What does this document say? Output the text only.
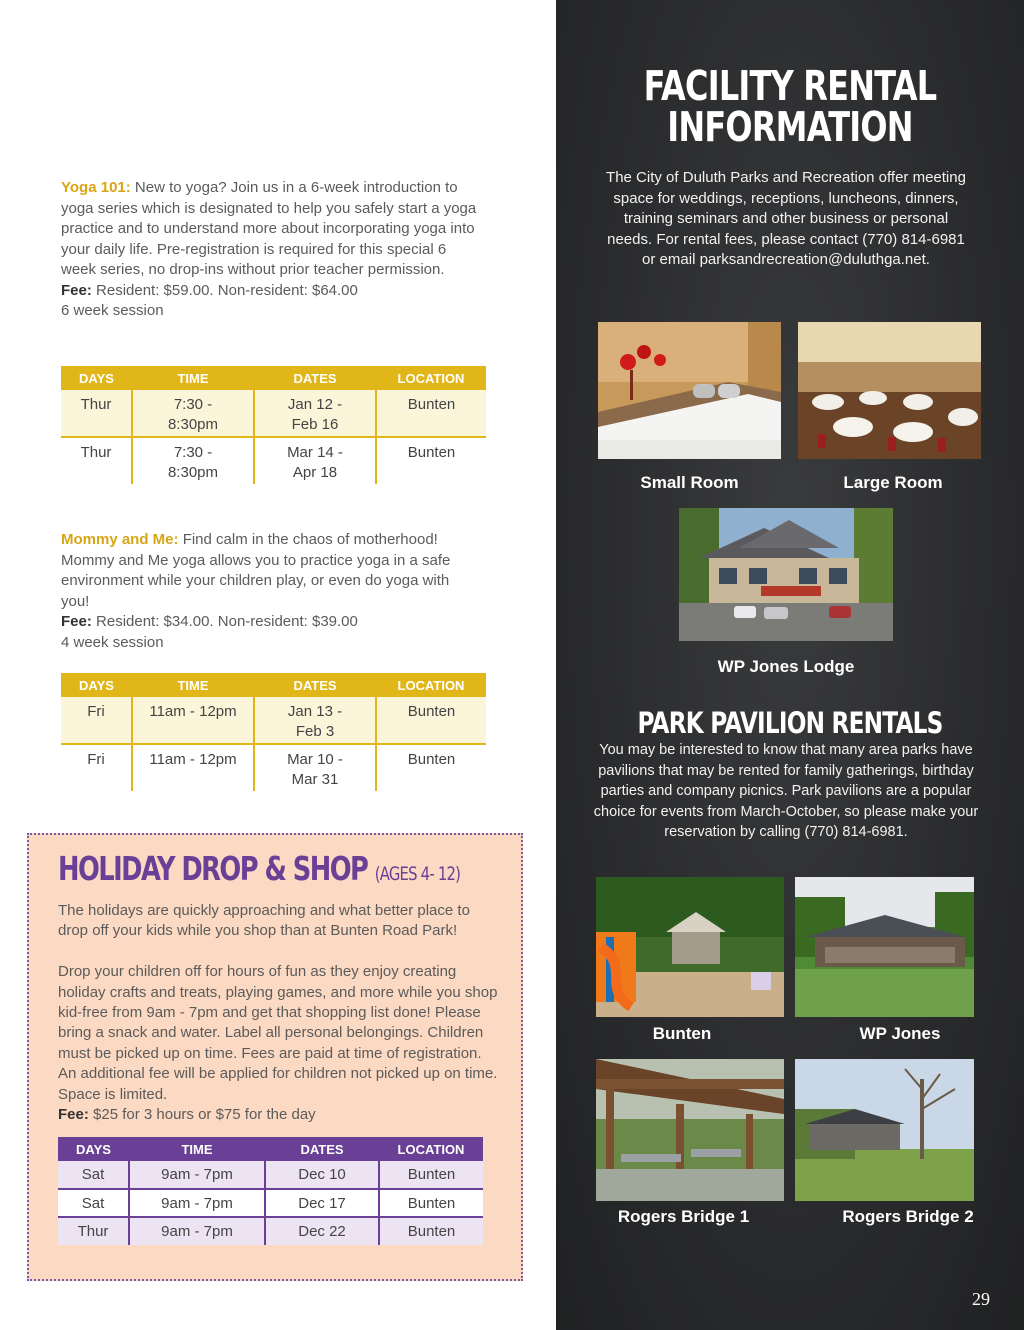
Yoga 101: New to yoga? Join us in a 6-week introduction to yoga series which is designated to help you safely start a yoga practice and to understand more about incorporating yoga into your daily life. Pre-registration is required for this special 6 week series, no drop-ins without prior teacher permission.
Fee: Resident: $59.00. Non-resident: $64.00
6 week session
DAYS	TIME	DATES	LOCATION
Thur	7:30 - 8:30pm	Jan 12 - Feb 16	Bunten
Thur	7:30 - 8:30pm	Mar 14 - Apr 18	Bunten
Mommy and Me: Find calm in the chaos of motherhood! Mommy and Me yoga allows you to practice yoga in a safe environment while your children play, or even do yoga with you!
Fee: Resident: $34.00. Non-resident: $39.00
4 week session
DAYS	TIME	DATES	LOCATION
Fri	11am - 12pm	Jan 13 - Feb 3	Bunten
Fri	11am - 12pm	Mar 10 - Mar 31	Bunten
HOLIDAY DROP & SHOP (AGES 4- 12)

The holidays are quickly approaching and what better place to drop off your kids while you shop than at Bunten Road Park!

Drop your children off for hours of fun as they enjoy creating holiday crafts and treats, playing games, and more while you shop kid-free from 9am - 7pm and get that shopping list done! Please bring a snack and water. Label all personal belongings. Children must be picked up on time. Fees are paid at time of registration. An additional fee will be applied for children not picked up on time. Space is limited.

Fee: $25 for 3 hours or $75 for the day

DAYS	TIME	DATES	LOCATION
Sat	9am - 7pm	Dec 10	Bunten
Sat	9am - 7pm	Dec 17	Bunten
Thur	9am - 7pm	Dec 22	Bunten
FACILITY RENTAL
INFORMATION

The City of Duluth Parks and Recreation offer meeting space for weddings, receptions, luncheons, dinners, training seminars and other business or personal needs. For rental fees, please contact (770) 814-6981 or email parksandrecreation@duluthga.net.

Small Room	Large Room
WP Jones Lodge
PARK PAVILION RENTALS

You may be interested to know that many area parks have pavilions that may be rented for family gatherings, birthday parties and company picnics. Park pavilions are a popular choice for events from March-October, so please make your reservation by calling (770) 814-6981.

Bunten	WP Jones
Rogers Bridge 1	Rogers Bridge 2
29
